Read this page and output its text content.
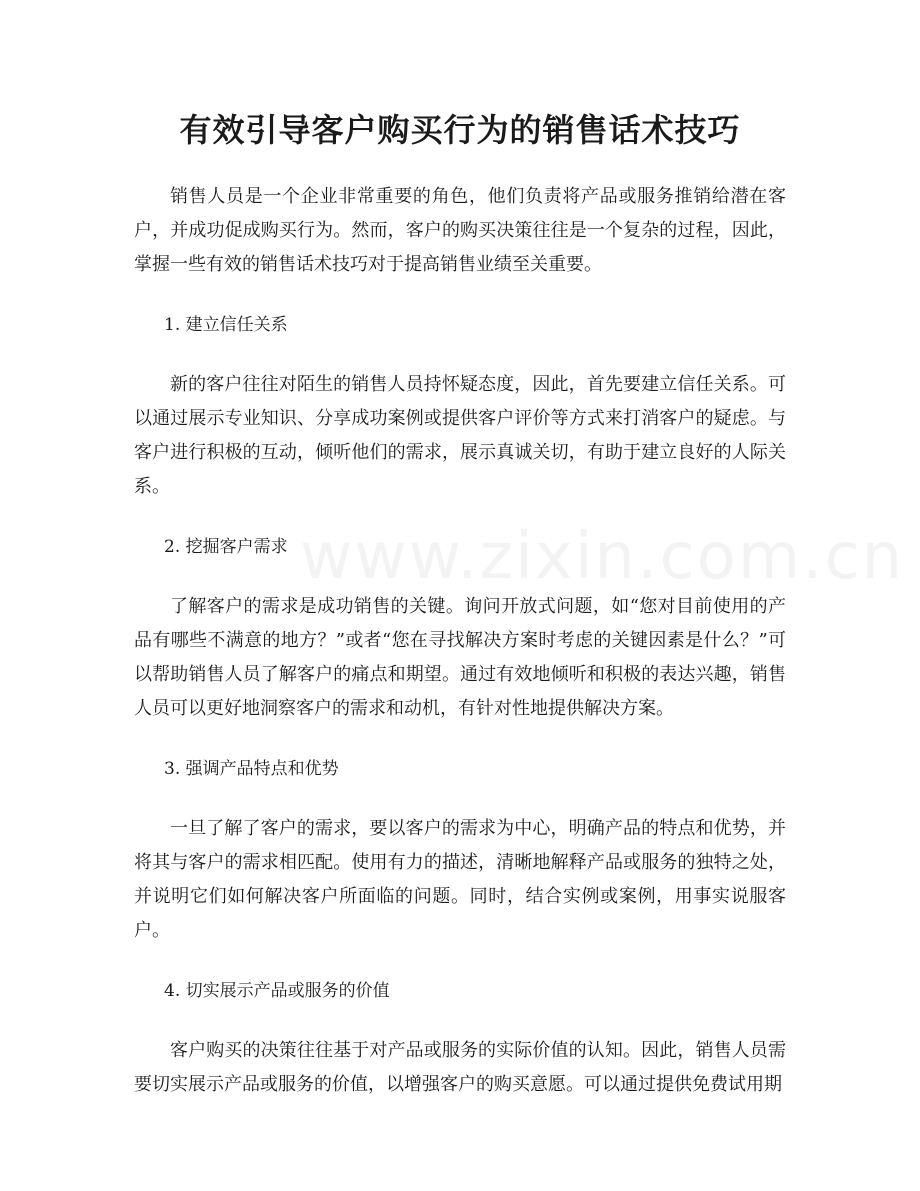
www.zixin.com.cn
有效引导客户购买行为的销售话术技巧

销售人员是一个企业非常重要的角色，他们负责将产品或服务推销给潜在客户，并成功促成购买行为。然而，客户的购买决策往往是一个复杂的过程，因此，掌握一些有效的销售话术技巧对于提高销售业绩至关重要。

1. 建立信任关系

新的客户往往对陌生的销售人员持怀疑态度，因此，首先要建立信任关系。可以通过展示专业知识、分享成功案例或提供客户评价等方式来打消客户的疑虑。与客户进行积极的互动，倾听他们的需求，展示真诚关切，有助于建立良好的人际关系。

2. 挖掘客户需求

了解客户的需求是成功销售的关键。询问开放式问题，如“您对目前使用的产品有哪些不满意的地方？”或者“您在寻找解决方案时考虑的关键因素是什么？”可以帮助销售人员了解客户的痛点和期望。通过有效地倾听和积极的表达兴趣，销售人员可以更好地洞察客户的需求和动机，有针对性地提供解决方案。

3. 强调产品特点和优势

一旦了解了客户的需求，要以客户的需求为中心，明确产品的特点和优势，并将其与客户的需求相匹配。使用有力的描述，清晰地解释产品或服务的独特之处，并说明它们如何解决客户所面临的问题。同时，结合实例或案例，用事实说服客户。

4. 切实展示产品或服务的价值

客户购买的决策往往基于对产品或服务的实际价值的认知。因此，销售人员需要切实展示产品或服务的价值，以增强客户的购买意愿。可以通过提供免费试用期
